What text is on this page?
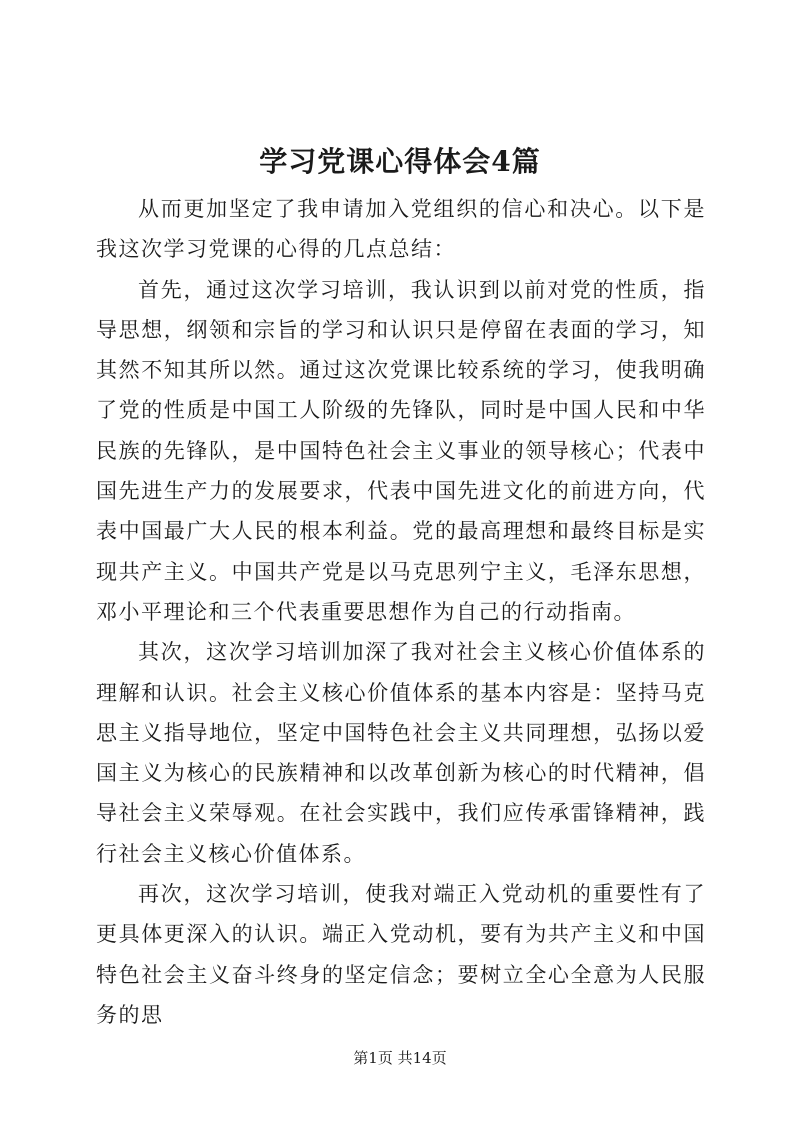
学习党课心得体会4篇

从而更加坚定了我申请加入党组织的信心和决心。以下是我这次学习党课的心得的几点总结：

首先，通过这次学习培训，我认识到以前对党的性质，指导思想，纲领和宗旨的学习和认识只是停留在表面的学习，知其然不知其所以然。通过这次党课比较系统的学习，使我明确了党的性质是中国工人阶级的先锋队，同时是中国人民和中华民族的先锋队，是中国特色社会主义事业的领导核心；代表中国先进生产力的发展要求，代表中国先进文化的前进方向，代表中国最广大人民的根本利益。党的最高理想和最终目标是实现共产主义。中国共产党是以马克思列宁主义，毛泽东思想，邓小平理论和三个代表重要思想作为自己的行动指南。

其次，这次学习培训加深了我对社会主义核心价值体系的理解和认识。社会主义核心价值体系的基本内容是：坚持马克思主义指导地位，坚定中国特色社会主义共同理想，弘扬以爱国主义为核心的民族精神和以改革创新为核心的时代精神，倡导社会主义荣辱观。在社会实践中，我们应传承雷锋精神，践行社会主义核心价值体系。

再次，这次学习培训，使我对端正入党动机的重要性有了更具体更深入的认识。端正入党动机，要有为共产主义和中国特色社会主义奋斗终身的坚定信念；要树立全心全意为人民服务的思

第1页 共14页
